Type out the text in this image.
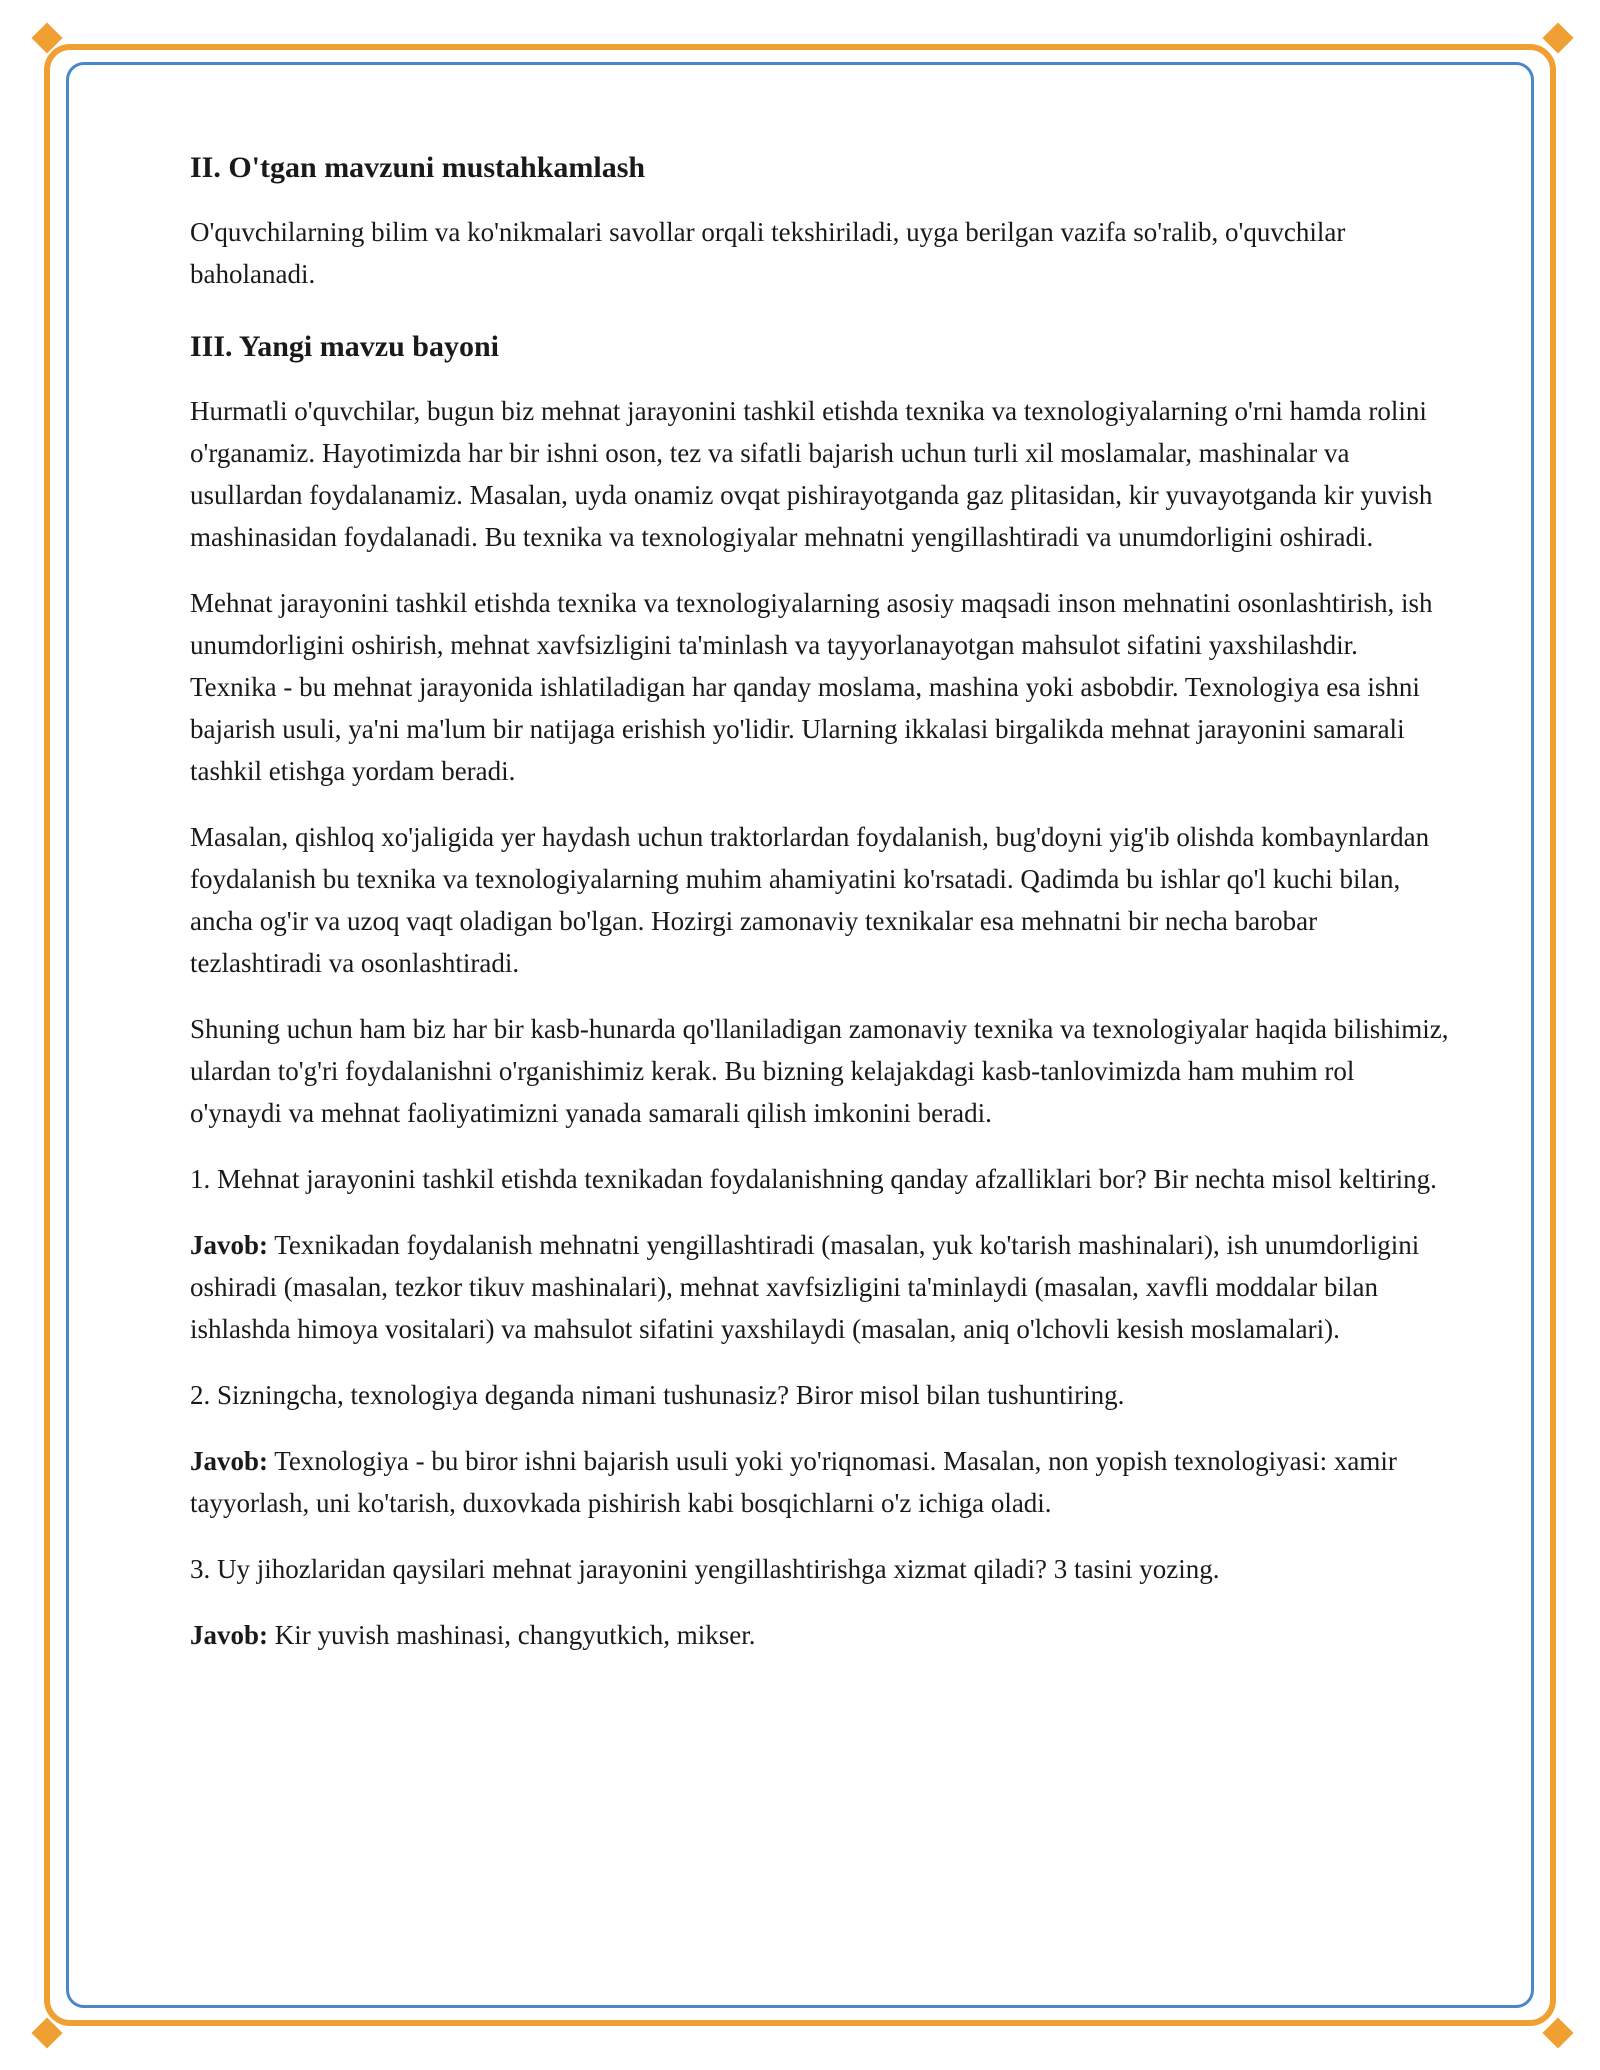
II. O'tgan mavzuni mustahkamlash

O'quvchilarning bilim va ko'nikmalari savollar orqali tekshiriladi, uyga berilgan vazifa so'ralib, o'quvchilar baholanadi.

III. Yangi mavzu bayoni

Hurmatli o'quvchilar, bugun biz mehnat jarayonini tashkil etishda texnika va texnologiyalarning o'rni hamda rolini o'rganamiz. Hayotimizda har bir ishni oson, tez va sifatli bajarish uchun turli xil moslamalar, mashinalar va usullardan foydalanamiz. Masalan, uyda onamiz ovqat pishirayotganda gaz plitasidan, kir yuvayotganda kir yuvish mashinasidan foydalanadi. Bu texnika va texnologiyalar mehnatni yengillashtiradi va unumdorligini oshiradi.

Mehnat jarayonini tashkil etishda texnika va texnologiyalarning asosiy maqsadi inson mehnatini osonlashtirish, ish unumdorligini oshirish, mehnat xavfsizligini ta'minlash va tayyorlanayotgan mahsulot sifatini yaxshilashdir. Texnika - bu mehnat jarayonida ishlatiladigan har qanday moslama, mashina yoki asbobdir. Texnologiya esa ishni bajarish usuli, ya'ni ma'lum bir natijaga erishish yo'lidir. Ularning ikkalasi birgalikda mehnat jarayonini samarali tashkil etishga yordam beradi.

Masalan, qishloq xo'jaligida yer haydash uchun traktorlardan foydalanish, bug'doyni yig'ib olishda kombaynlardan foydalanish bu texnika va texnologiyalarning muhim ahamiyatini ko'rsatadi. Qadimda bu ishlar qo'l kuchi bilan, ancha og'ir va uzoq vaqt oladigan bo'lgan. Hozirgi zamonaviy texnikalar esa mehnatni bir necha barobar tezlashtiradi va osonlashtiradi.

Shuning uchun ham biz har bir kasb-hunarda qo'llaniladigan zamonaviy texnika va texnologiyalar haqida bilishimiz, ulardan to'g'ri foydalanishni o'rganishimiz kerak. Bu bizning kelajakdagi kasb-tanlovimizda ham muhim rol o'ynaydi va mehnat faoliyatimizni yanada samarali qilish imkonini beradi.

1. Mehnat jarayonini tashkil etishda texnikadan foydalanishning qanday afzalliklari bor? Bir nechta misol keltiring.

Javob: Texnikadan foydalanish mehnatni yengillashtiradi (masalan, yuk ko'tarish mashinalari), ish unumdorligini oshiradi (masalan, tezkor tikuv mashinalari), mehnat xavfsizligini ta'minlaydi (masalan, xavfli moddalar bilan ishlashda himoya vositalari) va mahsulot sifatini yaxshilaydi (masalan, aniq o'lchovli kesish moslamalari).

2. Sizningcha, texnologiya deganda nimani tushunasiz? Biror misol bilan tushuntiring.

Javob: Texnologiya - bu biror ishni bajarish usuli yoki yo'riqnomasi. Masalan, non yopish texnologiyasi: xamir tayyorlash, uni ko'tarish, duxovkada pishirish kabi bosqichlarni o'z ichiga oladi.

3. Uy jihozlaridan qaysilari mehnat jarayonini yengillashtirishga xizmat qiladi? 3 tasini yozing.

Javob: Kir yuvish mashinasi, changyutkich, mikser.
